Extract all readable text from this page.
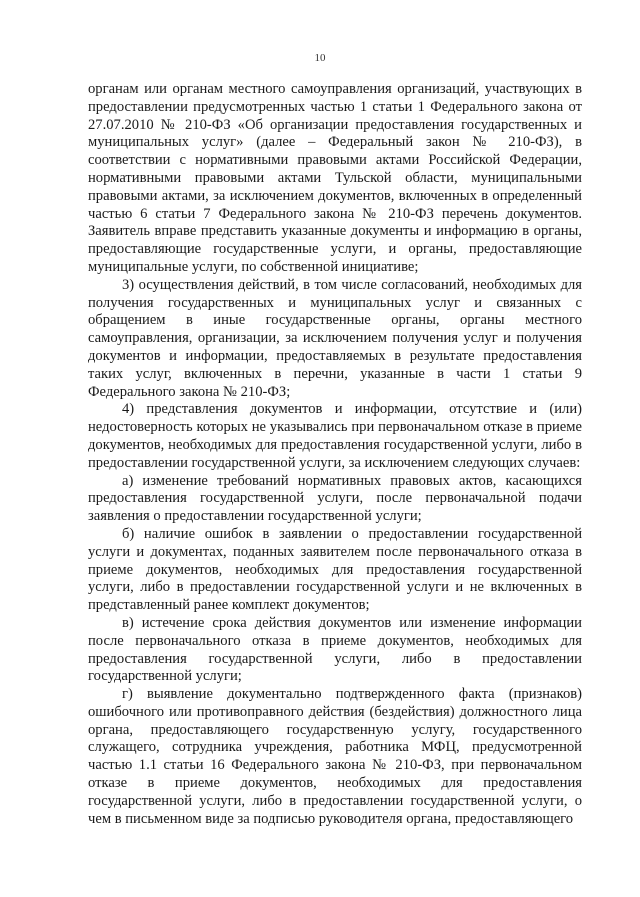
10

органам или органам местного самоуправления организаций, участвующих в предоставлении предусмотренных частью 1 статьи 1 Федерального закона от 27.07.2010 № 210-ФЗ «Об организации предоставления государственных и муниципальных услуг» (далее – Федеральный закон № 210-ФЗ), в соответствии с нормативными правовыми актами Российской Федерации, нормативными правовыми актами Тульской области, муниципальными правовыми актами, за исключением документов, включенных в определенный частью 6 статьи 7 Федерального закона № 210-ФЗ перечень документов. Заявитель вправе представить указанные документы и информацию в органы, предоставляющие государственные услуги, и органы, предоставляющие муниципальные услуги, по собственной инициативе;

3) осуществления действий, в том числе согласований, необходимых для получения государственных и муниципальных услуг и связанных с обращением в иные государственные органы, органы местного самоуправления, организации, за исключением получения услуг и получения документов и информации, предоставляемых в результате предоставления таких услуг, включенных в перечни, указанные в части 1 статьи 9 Федерального закона № 210-ФЗ;

4) представления документов и информации, отсутствие и (или) недостоверность которых не указывались при первоначальном отказе в приеме документов, необходимых для предоставления государственной услуги, либо в предоставлении государственной услуги, за исключением следующих случаев:

а) изменение требований нормативных правовых актов, касающихся предоставления государственной услуги, после первоначальной подачи заявления о предоставлении государственной услуги;

б) наличие ошибок в заявлении о предоставлении государственной услуги и документах, поданных заявителем после первоначального отказа в приеме документов, необходимых для предоставления государственной услуги, либо в предоставлении государственной услуги и не включенных в представленный ранее комплект документов;

в) истечение срока действия документов или изменение информации после первоначального отказа в приеме документов, необходимых для предоставления государственной услуги, либо в предоставлении государственной услуги;

г) выявление документально подтвержденного факта (признаков) ошибочного или противоправного действия (бездействия) должностного лица органа, предоставляющего государственную услугу, государственного служащего, сотрудника учреждения, работника МФЦ, предусмотренной частью 1.1 статьи 16 Федерального закона № 210-ФЗ, при первоначальном отказе в приеме документов, необходимых для предоставления государственной услуги, либо в предоставлении государственной услуги, о чем в письменном виде за подписью руководителя органа, предоставляющего
